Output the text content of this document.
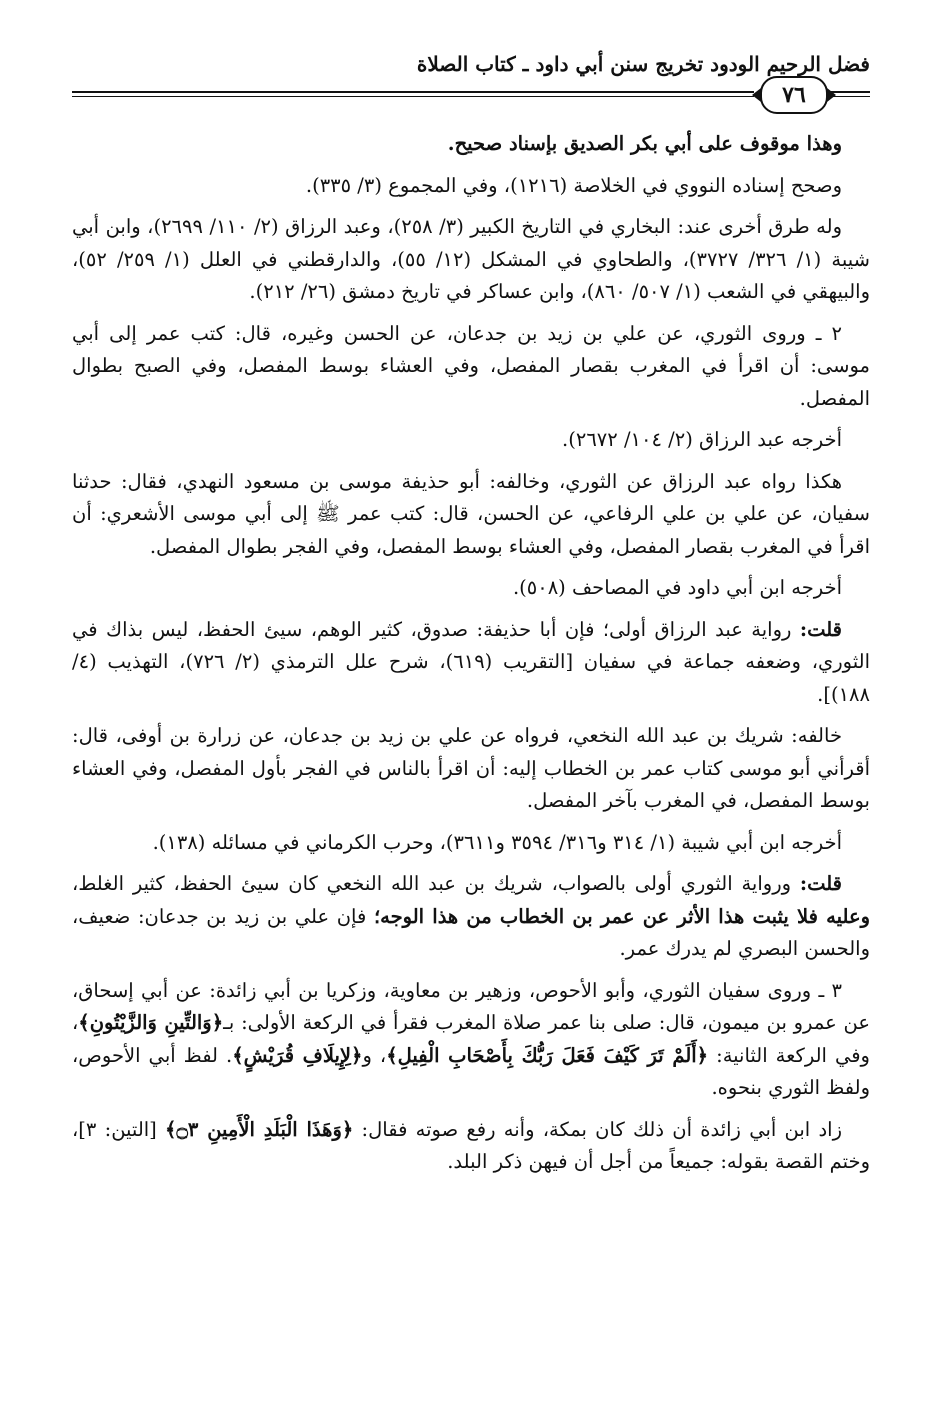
فضل الرحيم الودود تخريج سنن أبي داود ـ كتاب الصلاة
٧٦

وهذا موقوف على أبي بكر الصديق بإسناد صحيح.

وصحح إسناده النووي في الخلاصة (١٢١٦)، وفي المجموع (٣/ ٣٣٥).

وله طرق أخرى عند: البخاري في التاريخ الكبير (٣/ ٢٥٨)، وعبد الرزاق (٢/ ١١٠/ ٢٦٩٩)، وابن أبي شيبة (١/ ٣٢٦/ ٣٧٢٧)، والطحاوي في المشكل (١٢/ ٥٥)، والدارقطني في العلل (١/ ٢٥٩/ ٥٢)، والبيهقي في الشعب (١/ ٥٠٧/ ٨٦٠)، وابن عساكر في تاريخ دمشق (٢٦/ ٢١٢).

٢ ـ وروى الثوري، عن علي بن زيد بن جدعان، عن الحسن وغيره، قال: كتب عمر إلى أبي موسى: أن اقرأ في المغرب بقصار المفصل، وفي العشاء بوسط المفصل، وفي الصبح بطوال المفصل.

أخرجه عبد الرزاق (٢/ ١٠٤/ ٢٦٧٢).

هكذا رواه عبد الرزاق عن الثوري، وخالفه: أبو حذيفة موسى بن مسعود النهدي، فقال: حدثنا سفيان، عن علي بن علي الرفاعي، عن الحسن، قال: كتب عمر ﷺ إلى أبي موسى الأشعري: أن اقرأ في المغرب بقصار المفصل، وفي العشاء بوسط المفصل، وفي الفجر بطوال المفصل.

أخرجه ابن أبي داود في المصاحف (٥٠٨).

قلت: رواية عبد الرزاق أولى؛ فإن أبا حذيفة: صدوق، كثير الوهم، سيئ الحفظ، ليس بذاك في الثوري، وضعفه جماعة في سفيان [التقريب (٦١٩)، شرح علل الترمذي (٢/ ٧٢٦)، التهذيب (٤/ ١٨٨)].

خالفه: شريك بن عبد الله النخعي، فرواه عن علي بن زيد بن جدعان، عن زرارة بن أوفى، قال: أقرأني أبو موسى كتاب عمر بن الخطاب إليه: أن اقرأ بالناس في الفجر بأول المفصل، وفي العشاء بوسط المفصل، في المغرب بآخر المفصل.

أخرجه ابن أبي شيبة (١/ ٣١٤ و٣١٦/ ٣٥٩٤ و٣٦١١)، وحرب الكرماني في مسائله (١٣٨).

قلت: ورواية الثوري أولى بالصواب، شريك بن عبد الله النخعي كان سيئ الحفظ، كثير الغلط، وعليه فلا يثبت هذا الأثر عن عمر بن الخطاب من هذا الوجه؛ فإن علي بن زيد بن جدعان: ضعيف، والحسن البصري لم يدرك عمر.

٣ ـ وروى سفيان الثوري، وأبو الأحوص، وزهير بن معاوية، وزكريا بن أبي زائدة: عن أبي إسحاق، عن عمرو بن ميمون، قال: صلى بنا عمر صلاة المغرب فقرأ في الركعة الأولى: بـ﴿وَالتِّينِ وَالزَّيْتُونِ﴾، وفي الركعة الثانية: ﴿أَلَمْ تَرَ كَيْفَ فَعَلَ رَبُّكَ بِأَصْحَابِ الْفِيلِ﴾، و﴿لِإِيلَافِ قُرَيْشٍ﴾. لفظ أبي الأحوص، ولفظ الثوري بنحوه.

زاد ابن أبي زائدة أن ذلك كان بمكة، وأنه رفع صوته فقال: ﴿وَهَذَا الْبَلَدِ الْأَمِينِ ۝٣﴾ [التين: ٣]، وختم القصة بقوله: جميعاً من أجل أن فيهن ذكر البلد.
